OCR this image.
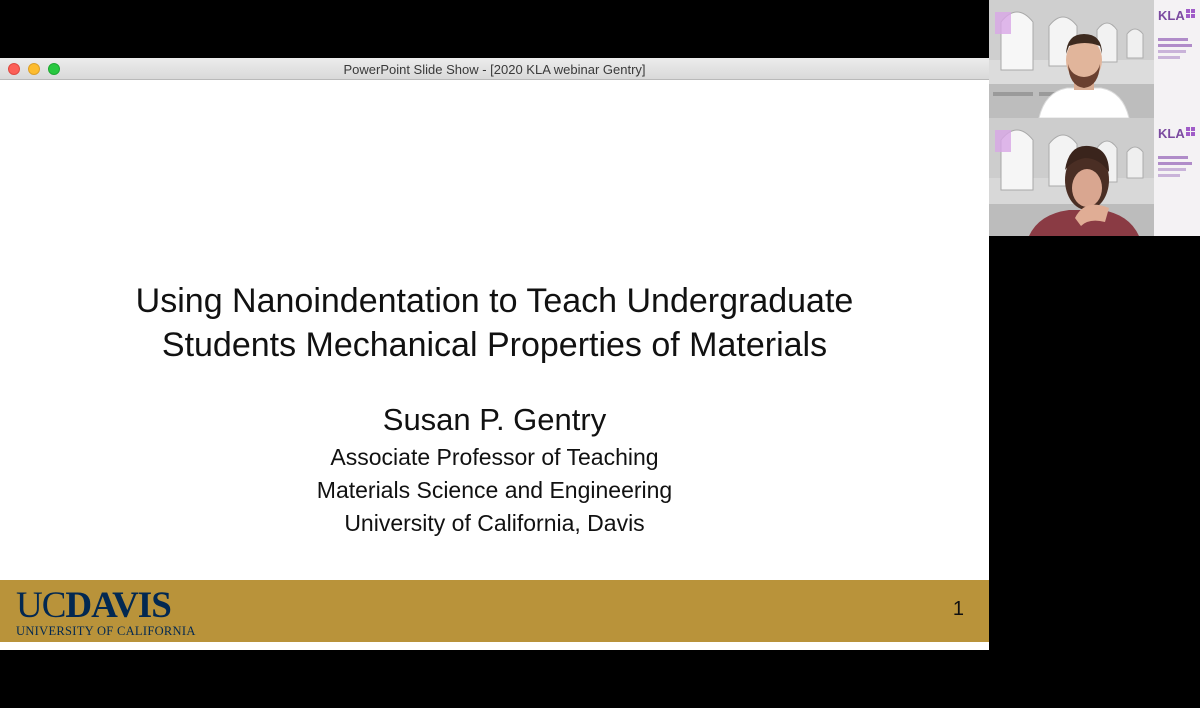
PowerPoint Slide Show - [2020 KLA webinar Gentry]
Using Nanoindentation to Teach Undergraduate
Students Mechanical Properties of Materials
Susan P. Gentry
Associate Professor of Teaching
Materials Science and Engineering
University of California, Davis
UCDAVIS
UNIVERSITY OF CALIFORNIA
1
KLA
KLA
